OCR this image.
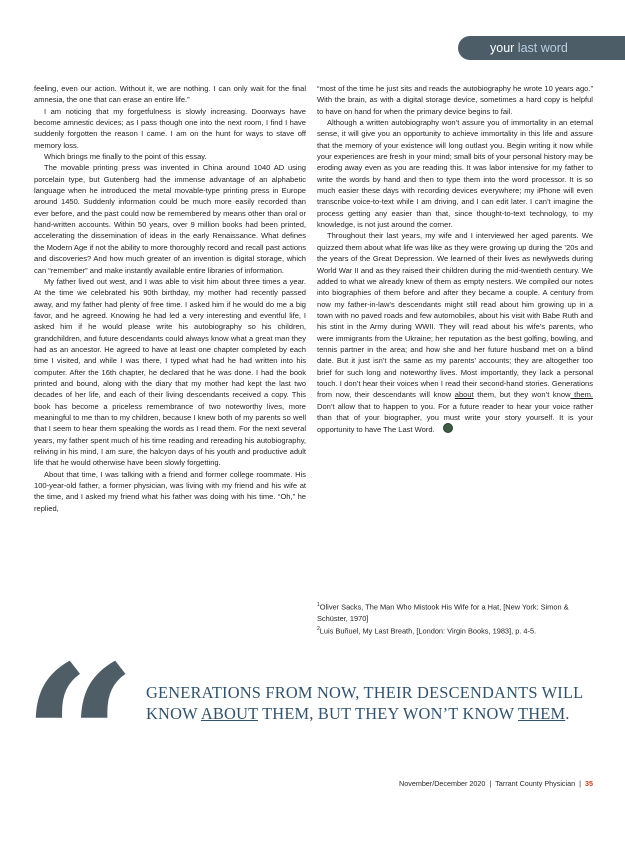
your last word

feeling, even our action. Without it, we are nothing. I can only wait for the final amnesia, the one that can erase an entire life.”

I am noticing that my forgetfulness is slowly increasing. Doorways have become amnestic devices; as I pass though one into the next room, I find I have suddenly forgotten the reason I came. I am on the hunt for ways to stave off memory loss.

Which brings me finally to the point of this essay.

The movable printing press was invented in China around 1040 AD using porcelain type, but Gutenberg had the immense advantage of an alphabetic language when he introduced the metal movable-type printing press in Europe around 1450. Suddenly information could be much more easily recorded than ever before, and the past could now be remembered by means other than oral or hand-written accounts. Within 50 years, over 9 million books had been printed, accelerating the dissemination of ideas in the early Renaissance. What defines the Modern Age if not the ability to more thoroughly record and recall past actions and discoveries? And how much greater of an invention is digital storage, which can “remember” and make instantly available entire libraries of information.

My father lived out west, and I was able to visit him about three times a year. At the time we celebrated his 90th birthday, my mother had recently passed away, and my father had plenty of free time. I asked him if he would do me a big favor, and he agreed. Knowing he had led a very interesting and eventful life, I asked him if he would please write his autobiography so his children, grandchildren, and future descendants could always know what a great man they had as an ancestor. He agreed to have at least one chapter completed by each time I visited, and while I was there, I typed what had he had written into his computer. After the 16th chapter, he declared that he was done. I had the book printed and bound, along with the diary that my mother had kept the last two decades of her life, and each of their living descendants received a copy. This book has become a priceless remembrance of two noteworthy lives, more meaningful to me than to my children, because I knew both of my parents so well that I seem to hear them speaking the words as I read them. For the next several years, my father spent much of his time reading and rereading his autobiography, reliving in his mind, I am sure, the halcyon days of his youth and productive adult life that he would otherwise have been slowly forgetting.

About that time, I was talking with a friend and former college roommate. His 100-year-old father, a former physician, was living with my friend and his wife at the time, and I asked my friend what his father was doing with his time. “Oh,” he replied,

“most of the time he just sits and reads the autobiography he wrote 10 years ago.” With the brain, as with a digital storage device, sometimes a hard copy is helpful to have on hand for when the primary device begins to fail.

Although a written autobiography won’t assure you of immortality in an eternal sense, it will give you an opportunity to achieve immortality in this life and assure that the memory of your existence will long outlast you. Begin writing it now while your experiences are fresh in your mind; small bits of your personal history may be eroding away even as you are reading this. It was labor intensive for my father to write the words by hand and then to type them into the word processor. It is so much easier these days with recording devices everywhere; my iPhone will even transcribe voice-to-text while I am driving, and I can edit later. I can’t imagine the process getting any easier than that, since thought-to-text technology, to my knowledge, is not just around the corner.

Throughout their last years, my wife and I interviewed her aged parents. We quizzed them about what life was like as they were growing up during the ’20s and the years of the Great Depression. We learned of their lives as newlyweds during World War II and as they raised their children during the mid-twentieth century. We added to what we already knew of them as empty nesters. We compiled our notes into biographies of them before and after they became a couple. A century from now my father-in-law’s descendants might still read about him growing up in a town with no paved roads and few automobiles, about his visit with Babe Ruth and his stint in the Army during WWII. They will read about his wife’s parents, who were immigrants from the Ukraine; her reputation as the best golfing, bowling, and tennis partner in the area; and how she and her future husband met on a blind date. But it just isn’t the same as my parents’ accounts; they are altogether too brief for such long and noteworthy lives. Most importantly, they lack a personal touch. I don’t hear their voices when I read their second-hand stories. Generations from now, their descendants will know about them, but they won’t know them. Don’t allow that to happen to you. For a future reader to hear your voice rather than that of your biographer, you must write your story yourself. It is your opportunity to have The Last Word.

$^1$Oliver Sacks, The Man Who Mistook His Wife for a Hat, [New York: Simon & Schüster, 1970]

$^2$Luis Buñuel, My Last Breath, [London: Virgin Books, 1983], p. 4-5.

“ GENERATIONS FROM NOW, THEIR DESCENDANTS WILL KNOW ABOUT THEM, BUT THEY WON’T KNOW THEM.
November/December 2020 | Tarrant County Physician | 35
